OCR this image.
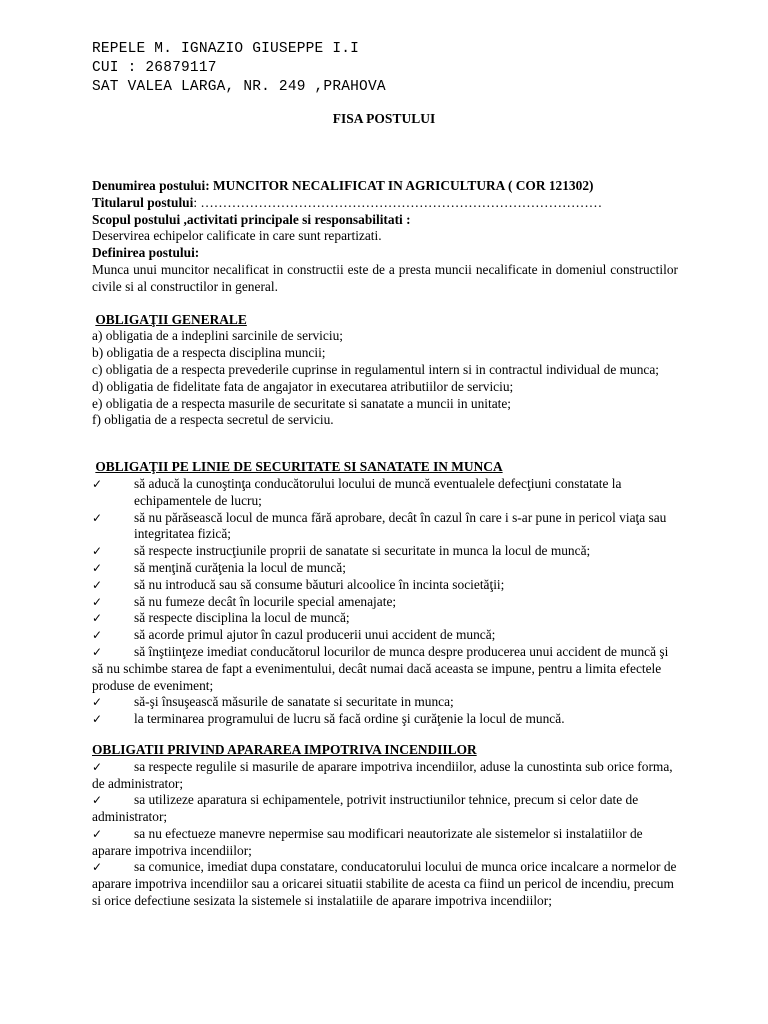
REPELE M. IGNAZIO GIUSEPPE I.I
CUI : 26879117
SAT VALEA LARGA, NR. 249 ,PRAHOVA
FISA POSTULUI
Denumirea postului: MUNCITOR NECALIFICAT IN AGRICULTURA ( COR 121302)
Titularul postului: ………………………………………………………………………………
Scopul postului ,activitati principale si responsabilitati :
Deservirea echipelor calificate in care sunt repartizati.
Definirea postului:
Munca unui muncitor necalificat in constructii este de a presta muncii necalificate in domeniul constructilor civile si al constructilor in general.
OBLIGAŢII GENERALE
a) obligatia de a indeplini sarcinile de serviciu;
b) obligatia de a respecta disciplina muncii;
c) obligatia de a respecta prevederile cuprinse in regulamentul intern si in contractul individual de munca;
d) obligatia de fidelitate fata de angajator in executarea atributiilor de serviciu;
e) obligatia de a respecta masurile de securitate si sanatate a muncii in unitate;
f) obligatia de a respecta secretul de serviciu.
OBLIGAŢII PE LINIE DE SECURITATE SI SANATATE IN MUNCA
✓	să aducă la cunoştinţa conducătorului locului de muncă eventualele defecţiuni constatate la echipamentele de lucru;
✓	să nu părăsească locul de munca fără aprobare, decât în cazul în care i s-ar pune in pericol viaţa sau integritatea fizică;
✓	să respecte instrucţiunile proprii de sanatate si securitate in munca la locul de muncă;
✓	să menţină curăţenia la locul de muncă;
✓	să nu introducă sau să consume băuturi alcoolice în incinta societăţii;
✓	să nu fumeze decât în locurile special amenajate;
✓	să respecte disciplina la locul de muncă;
✓	să acorde primul ajutor în cazul producerii unui accident de muncă;
✓	să înştiinţeze imediat conducătorul locurilor de munca despre producerea unui accident de muncă şi să nu schimbe starea de fapt a evenimentului, decât numai dacă aceasta se impune, pentru a limita efectele produse de eveniment;
✓	să-şi însuşească măsurile de sanatate si securitate in munca;
✓	la terminarea programului de lucru să facă ordine şi curăţenie la locul de muncă.
OBLIGATII PRIVIND APARAREA IMPOTRIVA INCENDIILOR
✓	sa respecte regulile si masurile de aparare impotriva incendiilor, aduse la cunostinta sub orice forma, de administrator;
✓	sa utilizeze aparatura si echipamentele, potrivit instructiunilor tehnice, precum si celor date de administrator;
✓	sa nu efectueze manevre nepermise sau modificari neautorizate ale sistemelor si instalatiilor de aparare impotriva incendiilor;
✓	sa comunice, imediat dupa constatare, conducatorului locului de munca orice incalcare a normelor de aparare impotriva incendiilor sau a oricarei situatii stabilite de acesta ca fiind un pericol de incendiu, precum si orice defectiune sesizata la sistemele si instalatiile de aparare impotriva incendiilor;
